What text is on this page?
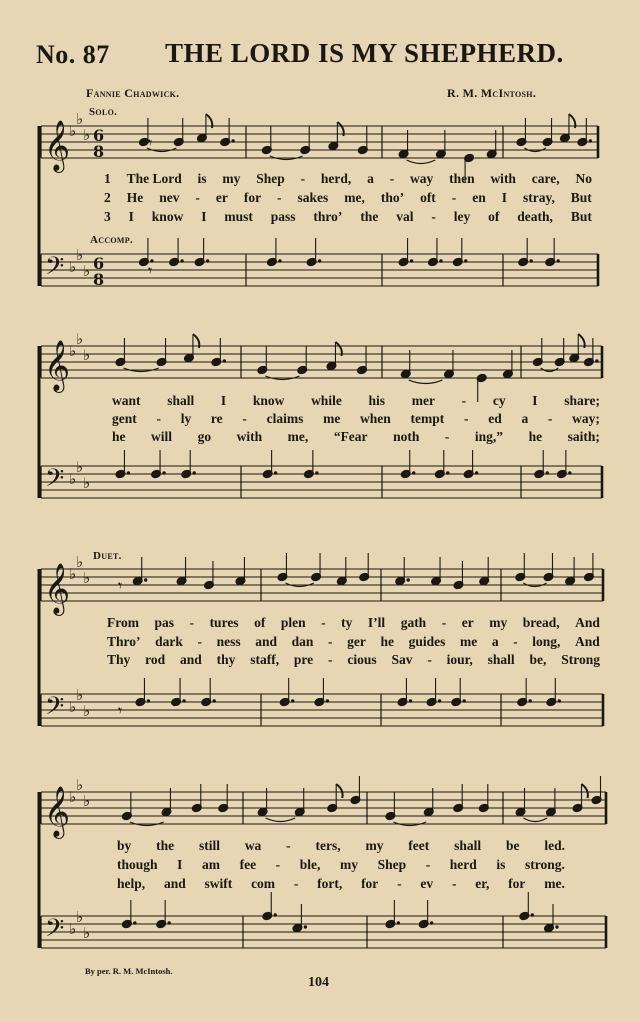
No. 87 THE LORD IS MY SHEPHERD.
Fannie Chadwick.	R. M. McIntosh.
Solo.
Accomp.
Duet.
𝄞
𝄢
♭
♭
♭
♭
♭
♭
6
8
6
8
𝄾
𝄾
𝄞
𝄢
♭
♭
♭
♭
♭
♭
𝄞
𝄢
♭
♭
♭
♭
♭
♭
𝄾
𝄾
𝄞
𝄢
♭
♭
♭
♭
♭
♭
1 The Lord is my Shep - herd, a - way then with care, No
2 He nev - er for - sakes me, tho’ oft - en I stray, But
3 I know I must pass thro’ the val - ley of death, But
want shall I know while his mer - cy I share;
gent - ly re - claims me when tempt - ed a - way;
he will go with me, “Fear noth - ing,” he saith;
From pas - tures of plen - ty I’ll gath - er my bread, And
Thro’ dark - ness and dan - ger he guides me a - long, And
Thy rod and thy staff, pre - cious Sav - iour, shall be, Strong
by the still wa - ters, my feet shall be led.
though I am fee - ble, my Shep - herd is strong.
help, and swift com - fort, for - ev - er, for me.
By per. R. M. McIntosh.
104
